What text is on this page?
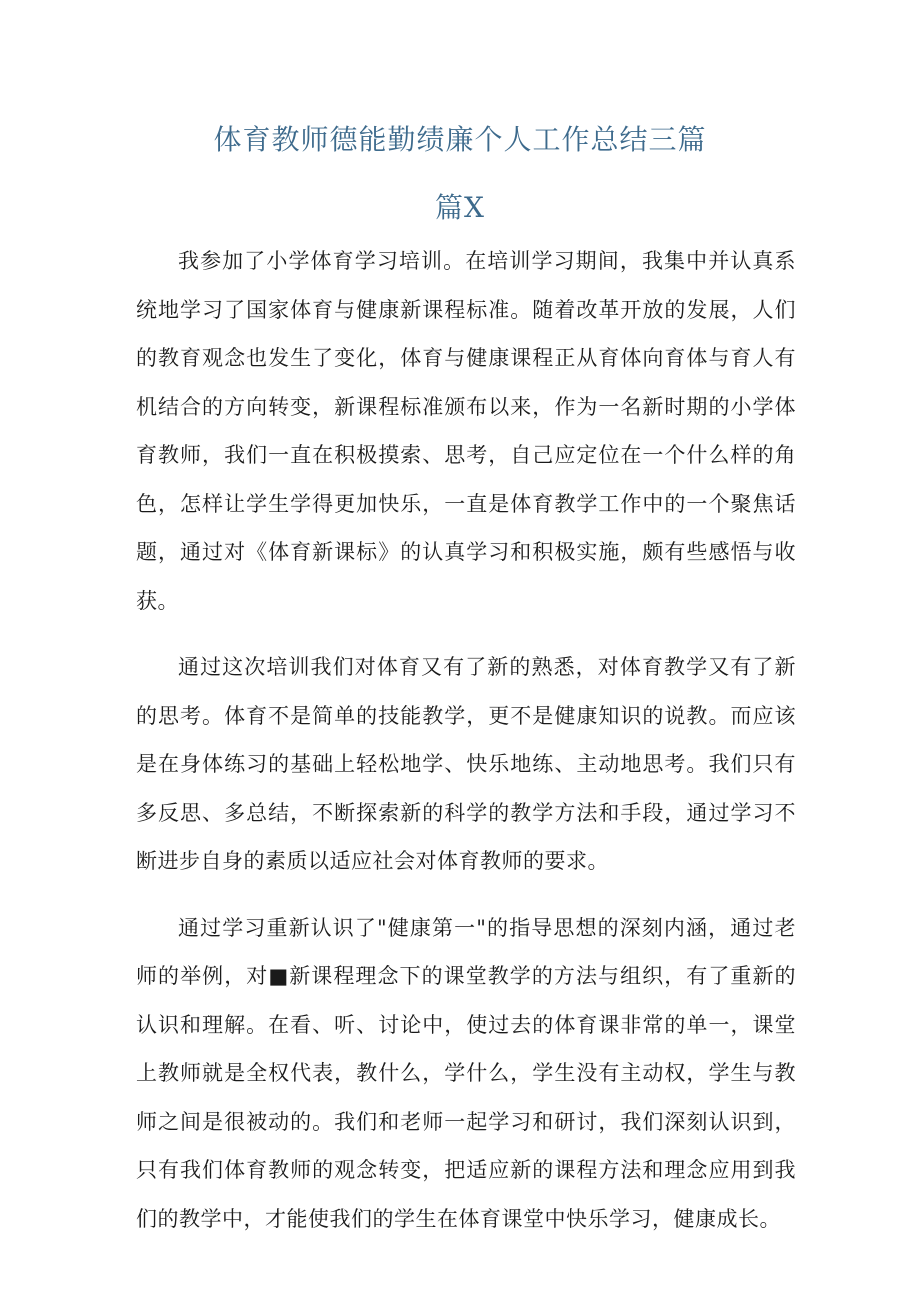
体育教师德能勤绩廉个人工作总结三篇
篇X

我参加了小学体育学习培训。在培训学习期间，我集中并认真系统地学习了国家体育与健康新课程标准。随着改革开放的发展，人们的教育观念也发生了变化，体育与健康课程正从育体向育体与育人有机结合的方向转变，新课程标准颁布以来，作为一名新时期的小学体育教师，我们一直在积极摸索、思考，自己应定位在一个什么样的角色，怎样让学生学得更加快乐，一直是体育教学工作中的一个聚焦话题，通过对《体育新课标》的认真学习和积极实施，颇有些感悟与收获。

通过这次培训我们对体育又有了新的熟悉，对体育教学又有了新的思考。体育不是简单的技能教学，更不是健康知识的说教。而应该是在身体练习的基础上轻松地学、快乐地练、主动地思考。我们只有多反思、多总结，不断探索新的科学的教学方法和手段，通过学习不断进步自身的素质以适应社会对体育教师的要求。

通过学习重新认识了"健康第一"的指导思想的深刻内涵，通过老师的举例，对■新课程理念下的课堂教学的方法与组织，有了重新的认识和理解。在看、听、讨论中，使过去的体育课非常的单一，课堂上教师就是全权代表，教什么，学什么，学生没有主动权，学生与教师之间是很被动的。我们和老师一起学习和研讨，我们深刻认识到，只有我们体育教师的观念转变，把适应新的课程方法和理念应用到我们的教学中，才能使我们的学生在体育课堂中快乐学习，健康成长。
